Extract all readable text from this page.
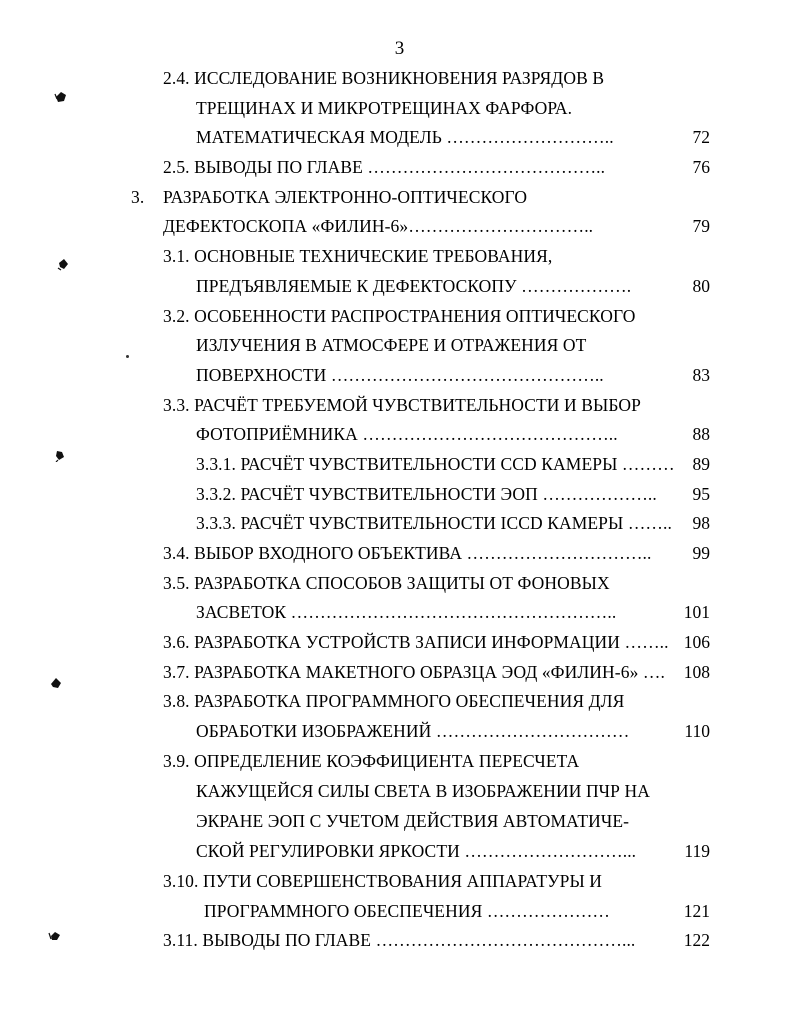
3
2.4. ИССЛЕДОВАНИЕ ВОЗНИКНОВЕНИЯ РАЗРЯДОВ В
ТРЕЩИНАХ И МИКРОТРЕЩИНАХ ФАРФОРА.
МАТЕМАТИЧЕСКАЯ МОДЕЛЬ ………………………..	72
2.5. ВЫВОДЫ ПО ГЛАВЕ …………………………………..	76
3. РАЗРАБОТКА ЭЛЕКТРОННО-ОПТИЧЕСКОГО
ДЕФЕКТОСКОПА «ФИЛИН-6»…………………………..	79
3.1. ОСНОВНЫЕ ТЕХНИЧЕСКИЕ ТРЕБОВАНИЯ,
ПРЕДЪЯВЛЯЕМЫЕ К ДЕФЕКТОСКОПУ ……………….	80
3.2. ОСОБЕННОСТИ РАСПРОСТРАНЕНИЯ ОПТИЧЕСКОГО
ИЗЛУЧЕНИЯ В АТМОСФЕРЕ И ОТРАЖЕНИЯ ОТ
ПОВЕРХНОСТИ ………………………………………..	83
3.3. РАСЧЁТ ТРЕБУЕМОЙ ЧУВСТВИТЕЛЬНОСТИ И ВЫБОР
ФОТОПРИЁМНИКА ……………………………………..	88
3.3.1. РАСЧЁТ ЧУВСТВИТЕЛЬНОСТИ CCD КАМЕРЫ ………	89
3.3.2. РАСЧЁТ ЧУВСТВИТЕЛЬНОСТИ ЭОП ………………..	95
3.3.3. РАСЧЁТ ЧУВСТВИТЕЛЬНОСТИ ICCD КАМЕРЫ ……..	98
3.4. ВЫБОР ВХОДНОГО ОБЪЕКТИВА …………………………..	99
3.5. РАЗРАБОТКА СПОСОБОВ ЗАЩИТЫ ОТ ФОНОВЫХ
ЗАСВЕТОК ………………………………………………..	101
3.6. РАЗРАБОТКА УСТРОЙСТВ ЗАПИСИ ИНФОРМАЦИИ …….. 106
3.7. РАЗРАБОТКА МАКЕТНОГО ОБРАЗЦА ЭОД «ФИЛИН-6» ….	108
3.8. РАЗРАБОТКА ПРОГРАММНОГО ОБЕСПЕЧЕНИЯ ДЛЯ
ОБРАБОТКИ ИЗОБРАЖЕНИЙ ……………………………	110
3.9. ОПРЕДЕЛЕНИЕ КОЭФФИЦИЕНТА ПЕРЕСЧЕТА
КАЖУЩЕЙСЯ СИЛЫ СВЕТА В ИЗОБРАЖЕНИИ ПЧР НА
ЭКРАНЕ ЭОП С УЧЕТОМ ДЕЙСТВИЯ АВТОМАТИЧЕ-
СКОЙ РЕГУЛИРОВКИ ЯРКОСТИ ………………………...	119
3.10. ПУТИ СОВЕРШЕНСТВОВАНИЯ АППАРАТУРЫ И
ПРОГРАММНОГО ОБЕСПЕЧЕНИЯ …………………	121
3.11. ВЫВОДЫ ПО ГЛАВЕ ……………………………………...	122
